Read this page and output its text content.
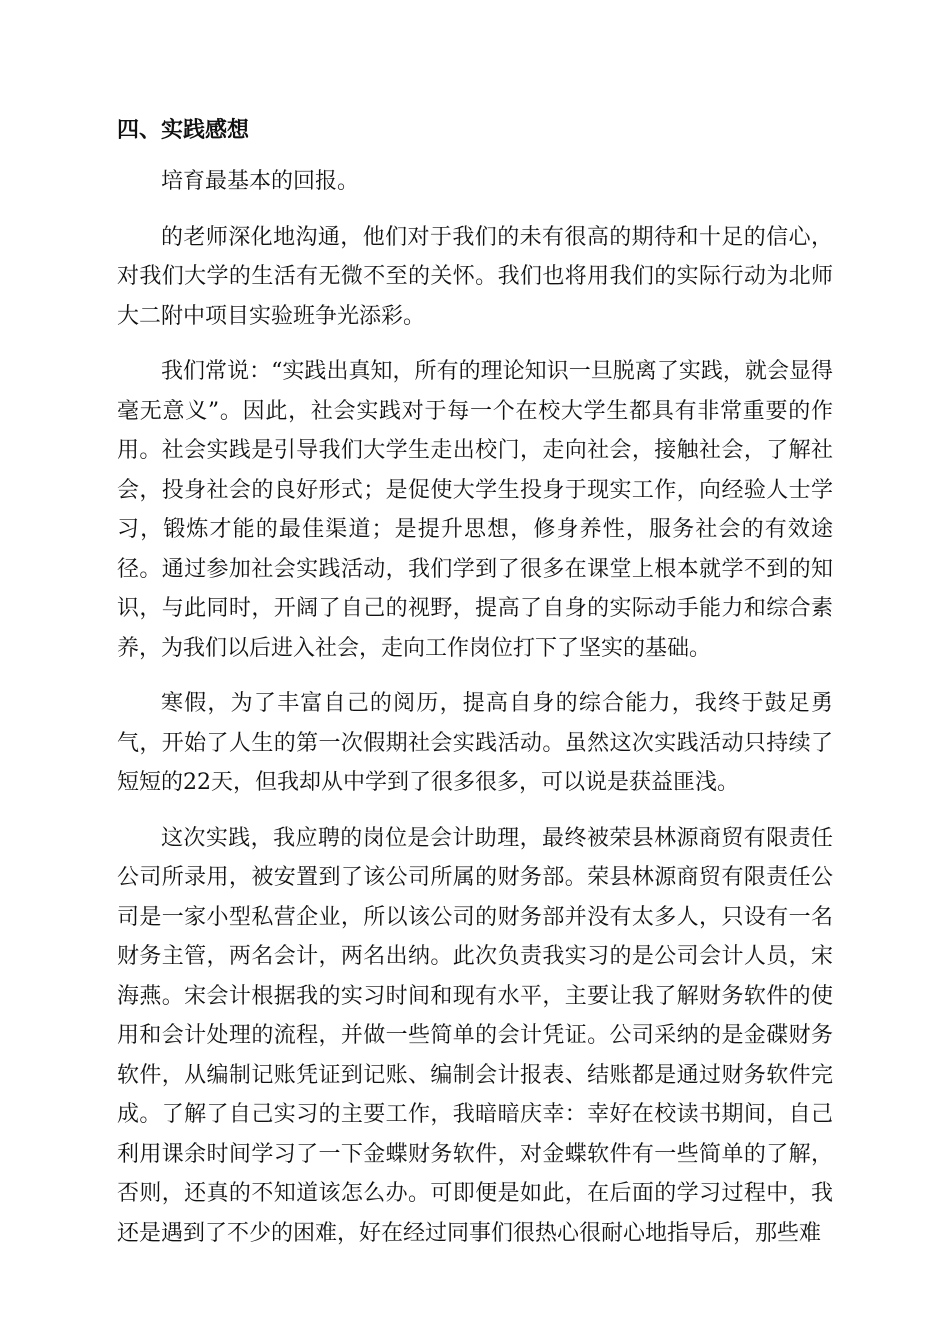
四、实践感想

培育最基本的回报。

的老师深化地沟通，他们对于我们的未有很高的期待和十足的信心，对我们大学的生活有无微不至的关怀。我们也将用我们的实际行动为北师大二附中项目实验班争光添彩。

我们常说：“实践出真知，所有的理论知识一旦脱离了实践，就会显得毫无意义”。因此，社会实践对于每一个在校大学生都具有非常重要的作用。社会实践是引导我们大学生走出校门，走向社会，接触社会，了解社会，投身社会的良好形式；是促使大学生投身于现实工作，向经验人士学习，锻炼才能的最佳渠道；是提升思想，修身养性，服务社会的有效途径。通过参加社会实践活动，我们学到了很多在课堂上根本就学不到的知识，与此同时，开阔了自己的视野，提高了自身的实际动手能力和综合素养，为我们以后进入社会，走向工作岗位打下了坚实的基础。

寒假，为了丰富自己的阅历，提高自身的综合能力，我终于鼓足勇气，开始了人生的第一次假期社会实践活动。虽然这次实践活动只持续了短短的22天，但我却从中学到了很多很多，可以说是获益匪浅。

这次实践，我应聘的岗位是会计助理，最终被荣县林源商贸有限责任公司所录用，被安置到了该公司所属的财务部。荣县林源商贸有限责任公司是一家小型私营企业，所以该公司的财务部并没有太多人，只设有一名财务主管，两名会计，两名出纳。此次负责我实习的是公司会计人员，宋海燕。宋会计根据我的实习时间和现有水平，主要让我了解财务软件的使用和会计处理的流程，并做一些简单的会计凭证。公司采纳的是金碟财务软件，从编制记账凭证到记账、编制会计报表、结账都是通过财务软件完成。了解了自己实习的主要工作，我暗暗庆幸：幸好在校读书期间，自己利用课余时间学习了一下金蝶财务软件，对金蝶软件有一些简单的了解，否则，还真的不知道该怎么办。可即便是如此，在后面的学习过程中，我还是遇到了不少的困难，好在经过同事们很热心很耐心地指导后，那些难
